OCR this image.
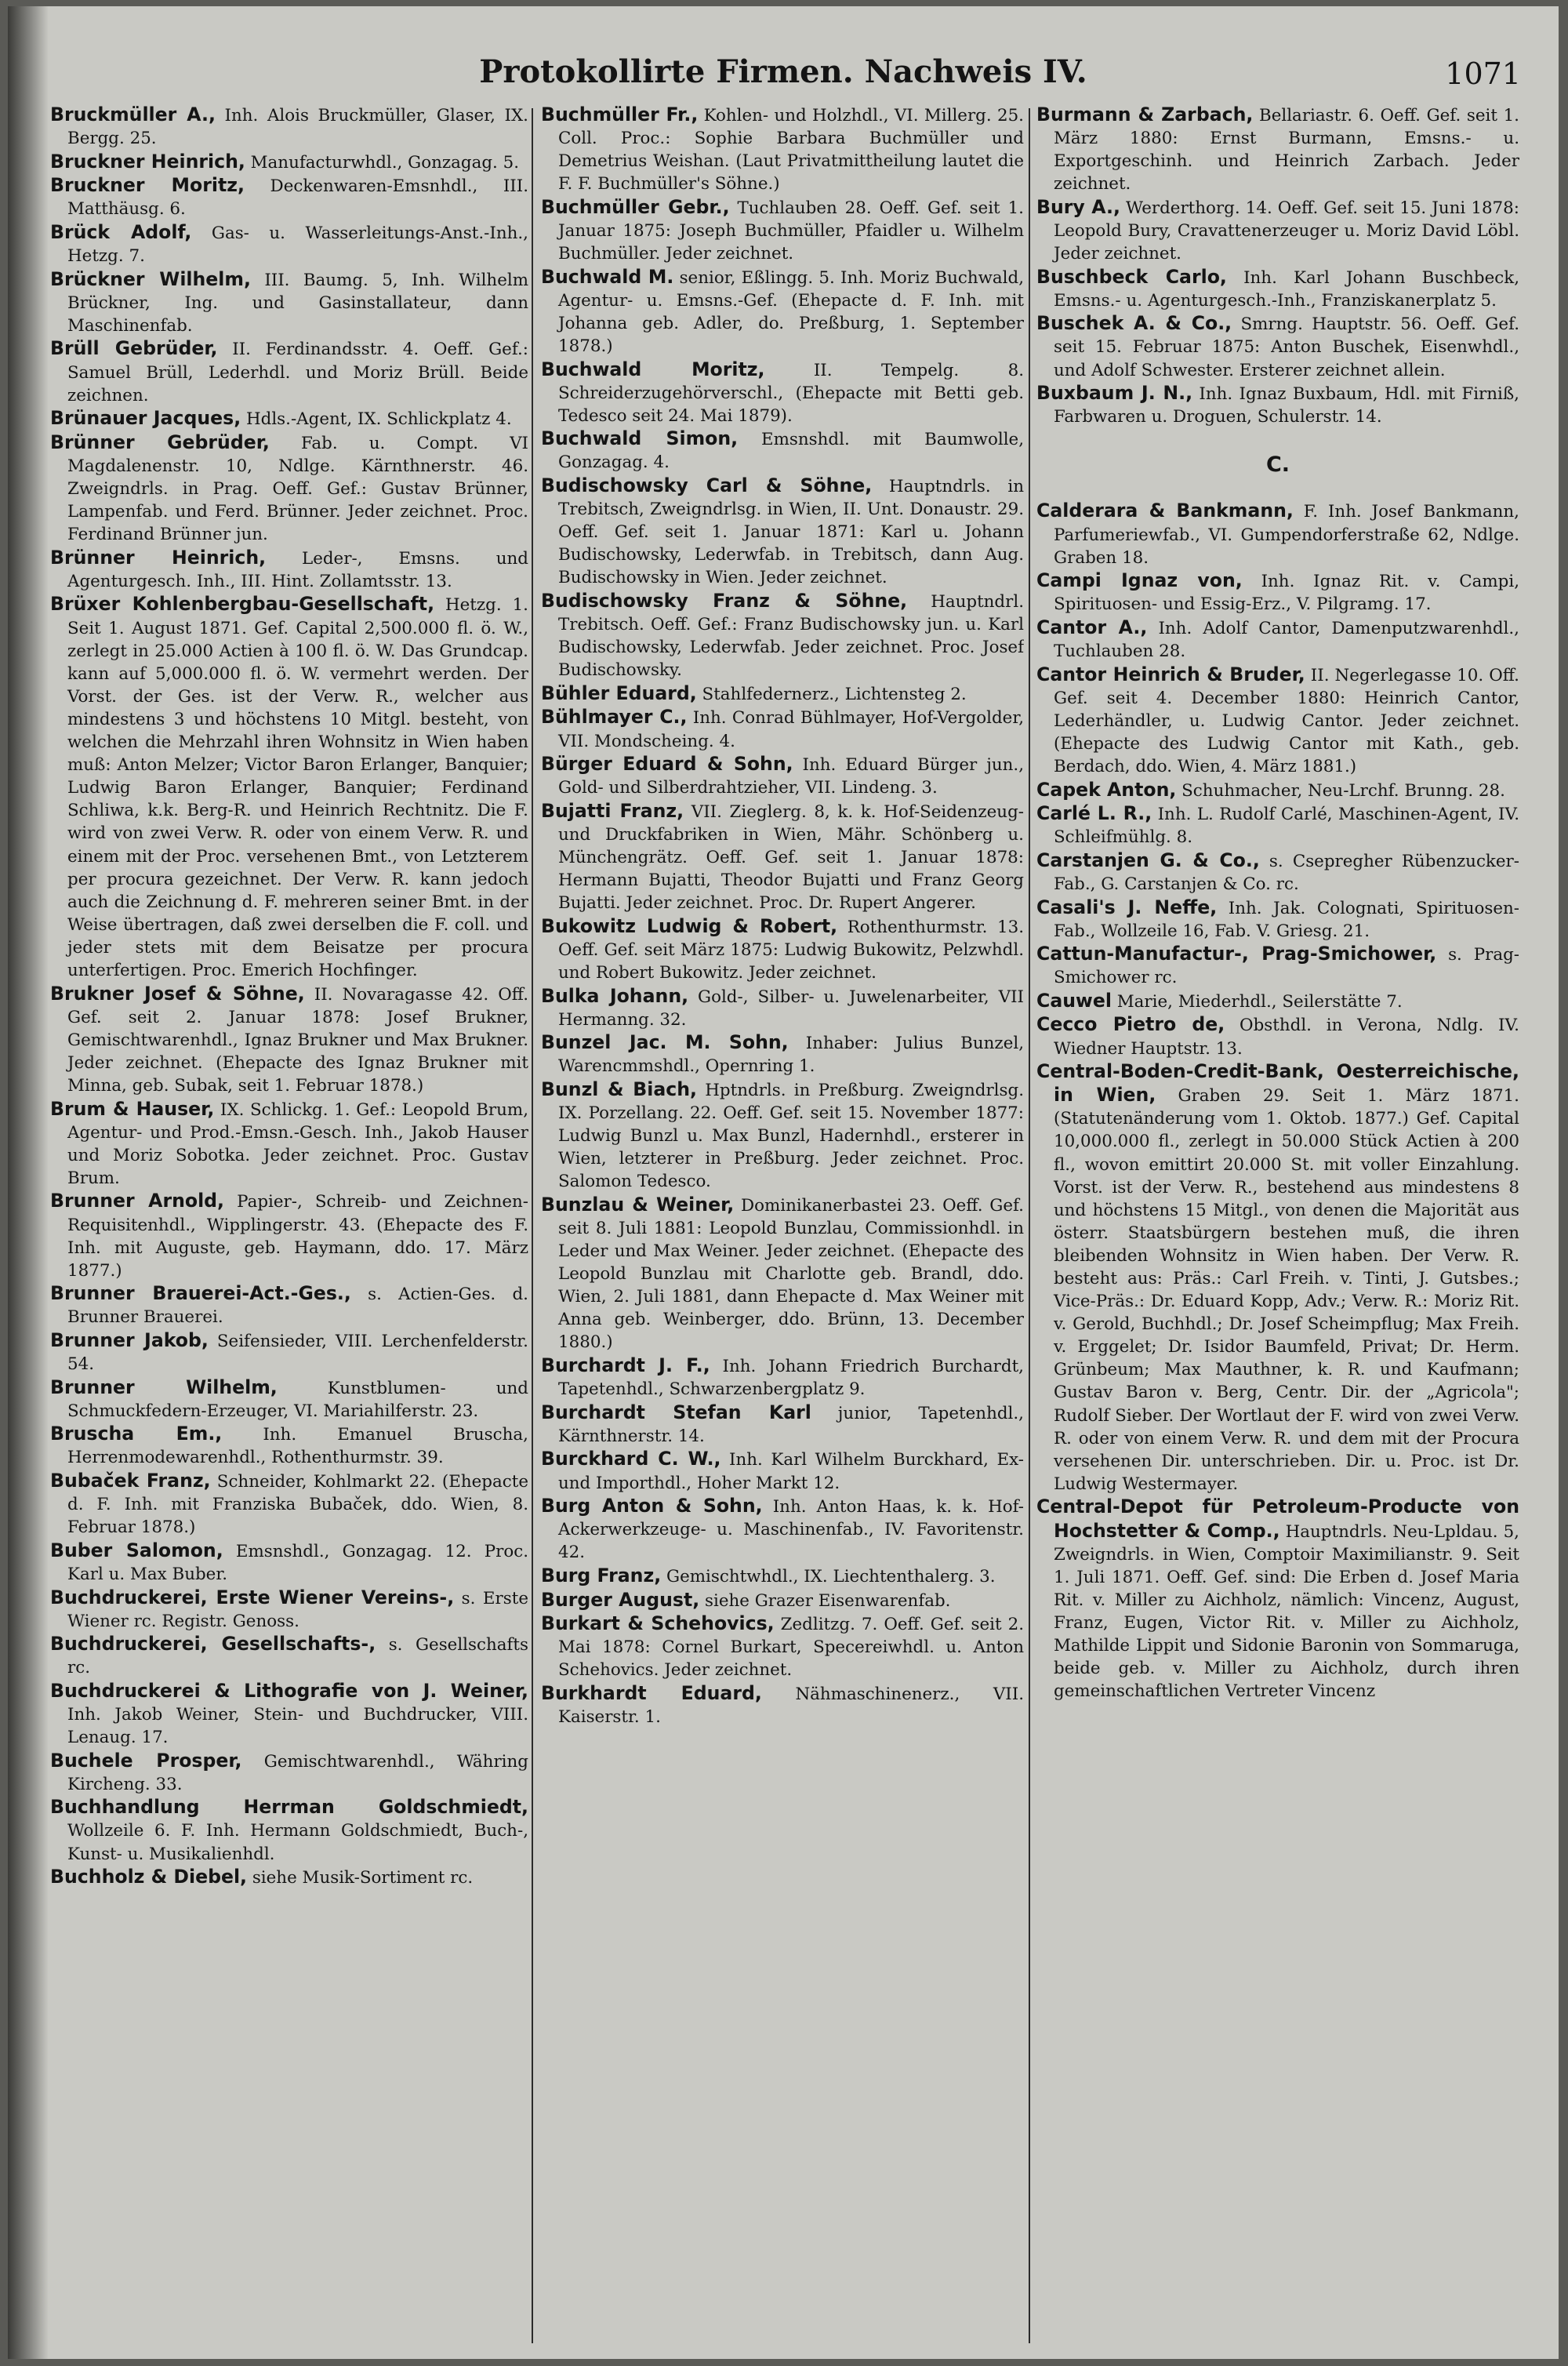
Protokollirte Firmen. Nachweis IV.	1071
Bruckmüller A., Inh. Alois Bruckmüller, Glaser, IX. Bergg. 25.
Bruckner Heinrich, Manufacturwhdl., Gonzagag. 5.
Bruckner Moritz, Deckenwaren-Emsnhdl., III. Matthäusg. 6.
Brück Adolf, Gas- u. Wasserleitungs-Anst.-Inh., Hetzg. 7.
Brückner Wilhelm, III. Baumg. 5, Inh. Wilhelm Brückner, Ing. und Gasinstallateur, dann Maschinenfab.
Brüll Gebrüder, II. Ferdinandsstr. 4. Oeff. Gef.: Samuel Brüll, Lederhdl. und Moriz Brüll. Beide zeichnen.
Brünauer Jacques, Hdls.-Agent, IX. Schlickplatz 4.
Brünner Gebrüder, Fab. u. Compt. VI Magdalenenstr. 10, Ndlge. Kärnthnerstr. 46. Zweigndrls. in Prag. Oeff. Gef.: Gustav Brünner, Lampenfab. und Ferd. Brünner. Jeder zeichnet. Proc. Ferdinand Brünner jun.
Brünner Heinrich, Leder-, Emsns. und Agenturgesch. Inh., III. Hint. Zollamtsstr. 13.
Brüxer Kohlenbergbau-Gesellschaft, Hetzg. 1. Seit 1. August 1871. Gef. Capital 2,500.000 fl. ö. W., zerlegt in 25.000 Actien à 100 fl. ö. W. Das Grundcap. kann auf 5,000.000 fl. ö. W. vermehrt werden. Der Vorst. der Ges. ist der Verw. R., welcher aus mindestens 3 und höchstens 10 Mitgl. besteht, von welchen die Mehrzahl ihren Wohnsitz in Wien haben muß: Anton Melzer; Victor Baron Erlanger, Banquier; Ludwig Baron Erlanger, Banquier; Ferdinand Schliwa, k.k. Berg-R. und Heinrich Rechtnitz. Die F. wird von zwei Verw. R. oder von einem Verw. R. und einem mit der Proc. versehenen Bmt., von Letzterem per procura gezeichnet. Der Verw. R. kann jedoch auch die Zeichnung d. F. mehreren seiner Bmt. in der Weise übertragen, daß zwei derselben die F. coll. und jeder stets mit dem Beisatze per procura unterfertigen. Proc. Emerich Hochfinger.
Brukner Josef & Söhne, II. Novaragasse 42. Off. Gef. seit 2. Januar 1878: Josef Brukner, Gemischtwarenhdl., Ignaz Brukner und Max Brukner. Jeder zeichnet. (Ehepacte des Ignaz Brukner mit Minna, geb. Subak, seit 1. Februar 1878.)
Brum & Hauser, IX. Schlickg. 1. Gef.: Leopold Brum, Agentur- und Prod.-Emsn.-Gesch. Inh., Jakob Hauser und Moriz Sobotka. Jeder zeichnet. Proc. Gustav Brum.
Brunner Arnold, Papier-, Schreib- und Zeichnen-Requisitenhdl., Wipplingerstr. 43. (Ehepacte des F. Inh. mit Auguste, geb. Haymann, ddo. 17. März 1877.)
Brunner Brauerei-Act.-Ges., s. Actien-Ges. d. Brunner Brauerei.
Brunner Jakob, Seifensieder, VIII. Lerchenfelderstr. 54.
Brunner Wilhelm,	Kunstblumen- und Schmuckfedern-Erzeuger, VI. Mariahilferstr. 23.
Bruscha Em., Inh. Emanuel Bruscha, Herrenmodewarenhdl., Rothenthurmstr. 39.
Bubaček Franz, Schneider, Kohlmarkt 22. (Ehepacte d. F. Inh. mit Franziska Bubaček, ddo. Wien, 8. Februar 1878.)
Buber Salomon, Emsnshdl., Gonzagag. 12. Proc. Karl u. Max Buber.
Buchdruckerei, Erste Wiener Vereins-, s. Erste Wiener rc. Registr. Genoss.
Buchdruckerei, Gesellschafts-, s. Gesellschafts rc.
Buchdruckerei & Lithografie von J. Weiner, Inh. Jakob Weiner, Stein- und Buchdrucker, VIII. Lenaug. 17.
Buchele Prosper, Gemischtwarenhdl., Währing Kircheng. 33.
Buchhandlung Herrman Goldschmiedt, Wollzeile 6. F. Inh. Hermann Goldschmiedt, Buch-, Kunst- u. Musikalienhdl.
Buchholz & Diebel, siehe Musik-Sortiment rc.
Buchmüller Fr., Kohlen- und Holzhdl., VI. Millerg. 25. Coll. Proc.: Sophie Barbara Buchmüller und Demetrius Weishan. (Laut Privatmittheilung lautet die F. F. Buchmüller's Söhne.)
Buchmüller Gebr., Tuchlauben 28. Oeff. Gef. seit 1. Januar 1875: Joseph Buchmüller, Pfaidler u. Wilhelm Buchmüller. Jeder zeichnet.
Buchwald M. senior, Eßlingg. 5. Inh. Moriz Buchwald, Agentur- u. Emsns.-Gef. (Ehepacte d. F. Inh. mit Johanna geb. Adler, do. Preßburg, 1. September 1878.)
Buchwald Moritz,	II. Tempelg. 8. Schreiderzugehörverschl., (Ehepacte mit Betti geb. Tedesco seit 24. Mai 1879).
Buchwald Simon, Emsnshdl. mit Baumwolle, Gonzagag. 4.
Budischowsky Carl & Söhne, Hauptndrls. in Trebitsch, Zweigndrlsg. in Wien, II. Unt. Donaustr. 29. Oeff. Gef. seit 1. Januar 1871: Karl u. Johann Budischowsky, Lederwfab. in Trebitsch, dann Aug. Budischowsky in Wien. Jeder zeichnet.
Budischowsky Franz & Söhne, Hauptndrl. Trebitsch. Oeff. Gef.: Franz Budischowsky jun. u. Karl Budischowsky, Lederwfab. Jeder zeichnet. Proc. Josef Budischowsky.
Bühler Eduard, Stahlfedernerz., Lichtensteg 2.
Bühlmayer C., Inh. Conrad Bühlmayer, Hof-Vergolder, VII. Mondscheing. 4.
Bürger Eduard & Sohn, Inh. Eduard Bürger jun., Gold- und Silberdrahtzieher, VII. Lindeng. 3.
Bujatti Franz, VII. Zieglerg. 8, k. k. Hof-Seidenzeug- und Druckfabriken in Wien, Mähr. Schönberg u. Münchengrätz. Oeff. Gef. seit 1. Januar 1878: Hermann Bujatti, Theodor Bujatti und Franz Georg Bujatti. Jeder zeichnet. Proc. Dr. Rupert Angerer.
Bukowitz Ludwig & Robert, Rothenthurmstr. 13. Oeff. Gef. seit März 1875: Ludwig Bukowitz, Pelzwhdl. und Robert Bukowitz. Jeder zeichnet.
Bulka Johann, Gold-, Silber- u. Juwelenarbeiter, VII Hermanng. 32.
Bunzel Jac. M. Sohn, Inhaber: Julius Bunzel, Warencmmshdl., Opernring 1.
Bunzl & Biach, Hptndrls. in Preßburg. Zweigndrlsg. IX. Porzellang. 22. Oeff. Gef. seit 15. November 1877: Ludwig Bunzl u. Max Bunzl, Hadernhdl., ersterer in Wien, letzterer in Preßburg. Jeder zeichnet. Proc. Salomon Tedesco.
Bunzlau & Weiner, Dominikanerbastei 23. Oeff. Gef. seit 8. Juli 1881: Leopold Bunzlau, Commissionhdl. in Leder und Max Weiner. Jeder zeichnet. (Ehepacte des Leopold Bunzlau mit Charlotte geb. Brandl, ddo. Wien, 2. Juli 1881, dann Ehepacte d. Max Weiner mit Anna geb. Weinberger, ddo. Brünn, 13. December 1880.)
Burchardt J. F., Inh. Johann Friedrich Burchardt, Tapetenhdl., Schwarzenbergplatz 9.
Burchardt Stefan Karl junior, Tapetenhdl., Kärnthnerstr. 14.
Burckhard C. W., Inh. Karl Wilhelm Burckhard, Ex- und Importhdl., Hoher Markt 12.
Burg Anton & Sohn, Inh. Anton Haas, k. k. Hof-Ackerwerkzeuge- u. Maschinenfab., IV. Favoritenstr. 42.
Burg Franz, Gemischtwhdl., IX. Liechtenthalerg. 3.
Burger August, siehe Grazer Eisenwarenfab.
Burkart & Schehovics, Zedlitzg. 7. Oeff. Gef. seit 2. Mai 1878: Cornel Burkart, Specereiwhdl. u. Anton Schehovics. Jeder zeichnet.
Burkhardt Eduard, Nähmaschinenerz., VII. Kaiserstr. 1.
Burmann & Zarbach, Bellariastr. 6. Oeff. Gef. seit 1. März 1880: Ernst Burmann, Emsns.- u. Exportgeschinh. und Heinrich Zarbach. Jeder zeichnet.
Bury A., Werderthorg. 14. Oeff. Gef. seit 15. Juni 1878: Leopold Bury, Cravattenerzeuger u. Moriz David Löbl. Jeder zeichnet.
Buschbeck Carlo, Inh. Karl Johann Buschbeck, Emsns.- u. Agenturgesch.-Inh., Franziskanerplatz 5.
Buschek A. & Co., Smrng. Hauptstr. 56. Oeff. Gef. seit 15. Februar 1875: Anton Buschek, Eisenwhdl., und Adolf Schwester. Ersterer zeichnet allein.
Buxbaum J. N., Inh. Ignaz Buxbaum, Hdl. mit Firniß, Farbwaren u. Droguen, Schulerstr. 14.
C.
Calderara & Bankmann, F. Inh. Josef Bankmann, Parfumeriewfab., VI. Gumpendorferstraße 62, Ndlge. Graben 18.
Campi Ignaz von, Inh. Ignaz Rit. v. Campi, Spirituosen- und Essig-Erz., V. Pilgramg. 17.
Cantor A., Inh. Adolf Cantor, Damenputzwarenhdl., Tuchlauben 28.
Cantor Heinrich & Bruder, II. Negerlegasse 10. Off. Gef. seit 4. December 1880: Heinrich Cantor, Lederhändler, u. Ludwig Cantor. Jeder zeichnet. (Ehepacte des Ludwig Cantor mit Kath., geb. Berdach, ddo. Wien, 4. März 1881.)
Capek Anton, Schuhmacher, Neu-Lrchf. Brunng. 28.
Carlé L. R., Inh. L. Rudolf Carlé, Maschinen-Agent, IV. Schleifmühlg. 8.
Carstanjen G. & Co., s. Csepregher Rübenzucker-Fab., G. Carstanjen & Co. rc.
Casali's J. Neffe, Inh. Jak. Colognati, Spirituosen-Fab., Wollzeile 16, Fab. V. Griesg. 21.
Cattun-Manufactur-, Prag-Smichower, s. Prag-Smichower rc.
Cauwel Marie, Miederhdl., Seilerstätte 7.
Cecco Pietro de, Obsthdl. in Verona, Ndlg. IV. Wiedner Hauptstr. 13.
Central-Boden-Credit-Bank, Oesterreichische, in Wien, Graben 29. Seit 1. März 1871. (Statutenänderung vom 1. Oktob. 1877.) Gef. Capital 10,000.000 fl., zerlegt in 50.000 Stück Actien à 200 fl., wovon emittirt 20.000 St. mit voller Einzahlung. Vorst. ist der Verw. R., bestehend aus mindestens 8 und höchstens 15 Mitgl., von denen die Majorität aus österr. Staatsbürgern bestehen muß, die ihren bleibenden Wohnsitz in Wien haben. Der Verw. R. besteht aus: Präs.: Carl Freih. v. Tinti, J. Gutsbes.; Vice-Präs.: Dr. Eduard Kopp, Adv.; Verw. R.: Moriz Rit. v. Gerold, Buchhdl.; Dr. Josef Scheimpflug; Max Freih. v. Erggelet; Dr. Isidor Baumfeld, Privat; Dr. Herm. Grünbeum; Max Mauthner, k. R. und Kaufmann; Gustav Baron v. Berg, Centr. Dir. der „Agricola"; Rudolf Sieber. Der Wortlaut der F. wird von zwei Verw. R. oder von einem Verw. R. und dem mit der Procura versehenen Dir. unterschrieben. Dir. u. Proc. ist Dr. Ludwig Westermayer.
Central-Depot für Petroleum-Producte von Hochstetter & Comp., Hauptndrls. Neu-Lpldau. 5, Zweigndrls. in Wien, Comptoir Maximilianstr. 9. Seit 1. Juli 1871. Oeff. Gef. sind: Die Erben d. Josef Maria Rit. v. Miller zu Aichholz, nämlich: Vincenz, August, Franz, Eugen, Victor Rit. v. Miller zu Aichholz, Mathilde Lippit und Sidonie Baronin von Sommaruga, beide geb. v. Miller zu Aichholz, durch ihren gemeinschaftlichen Vertreter Vincenz
